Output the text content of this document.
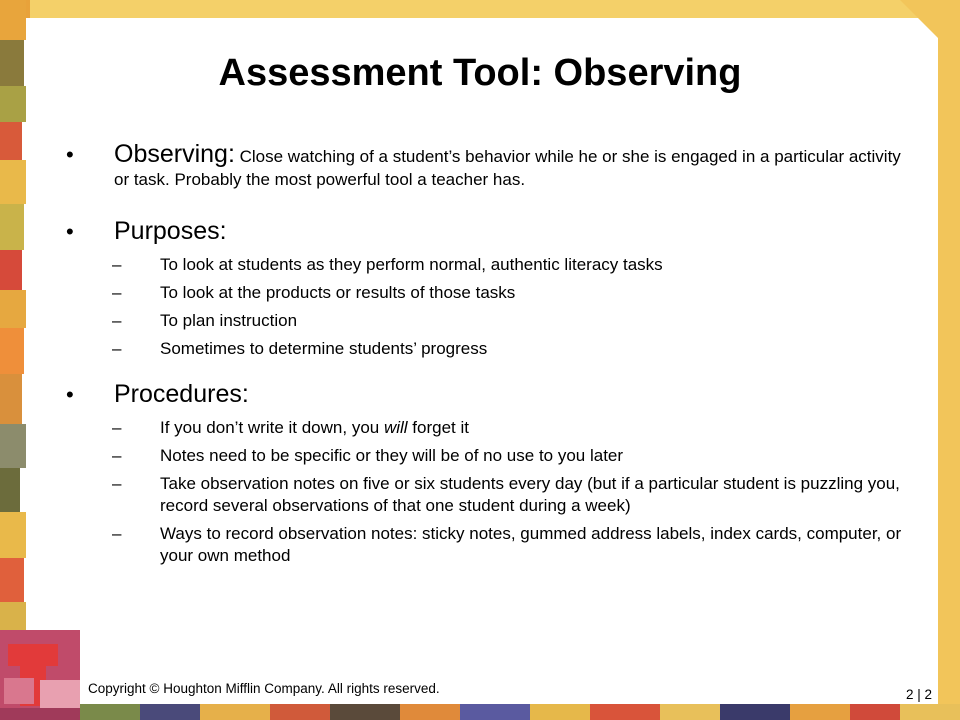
Assessment Tool: Observing
• Observing: Close watching of a student’s behavior while he or she is engaged in a particular activity or task. Probably the most powerful tool a teacher has.
• Purposes:
– To look at students as they perform normal, authentic literacy tasks
– To look at the products or results of those tasks
– To plan instruction
– Sometimes to determine students’ progress
• Procedures:
– If you don’t write it down, you will forget it
– Notes need to be specific or they will be of no use to you later
– Take observation notes on five or six students every day (but if a particular student is puzzling you, record several observations of that one student during a week)
– Ways to record observation notes: sticky notes, gummed address labels, index cards, computer, or your own method
Copyright © Houghton Mifflin Company. All rights reserved.	2 | 2
